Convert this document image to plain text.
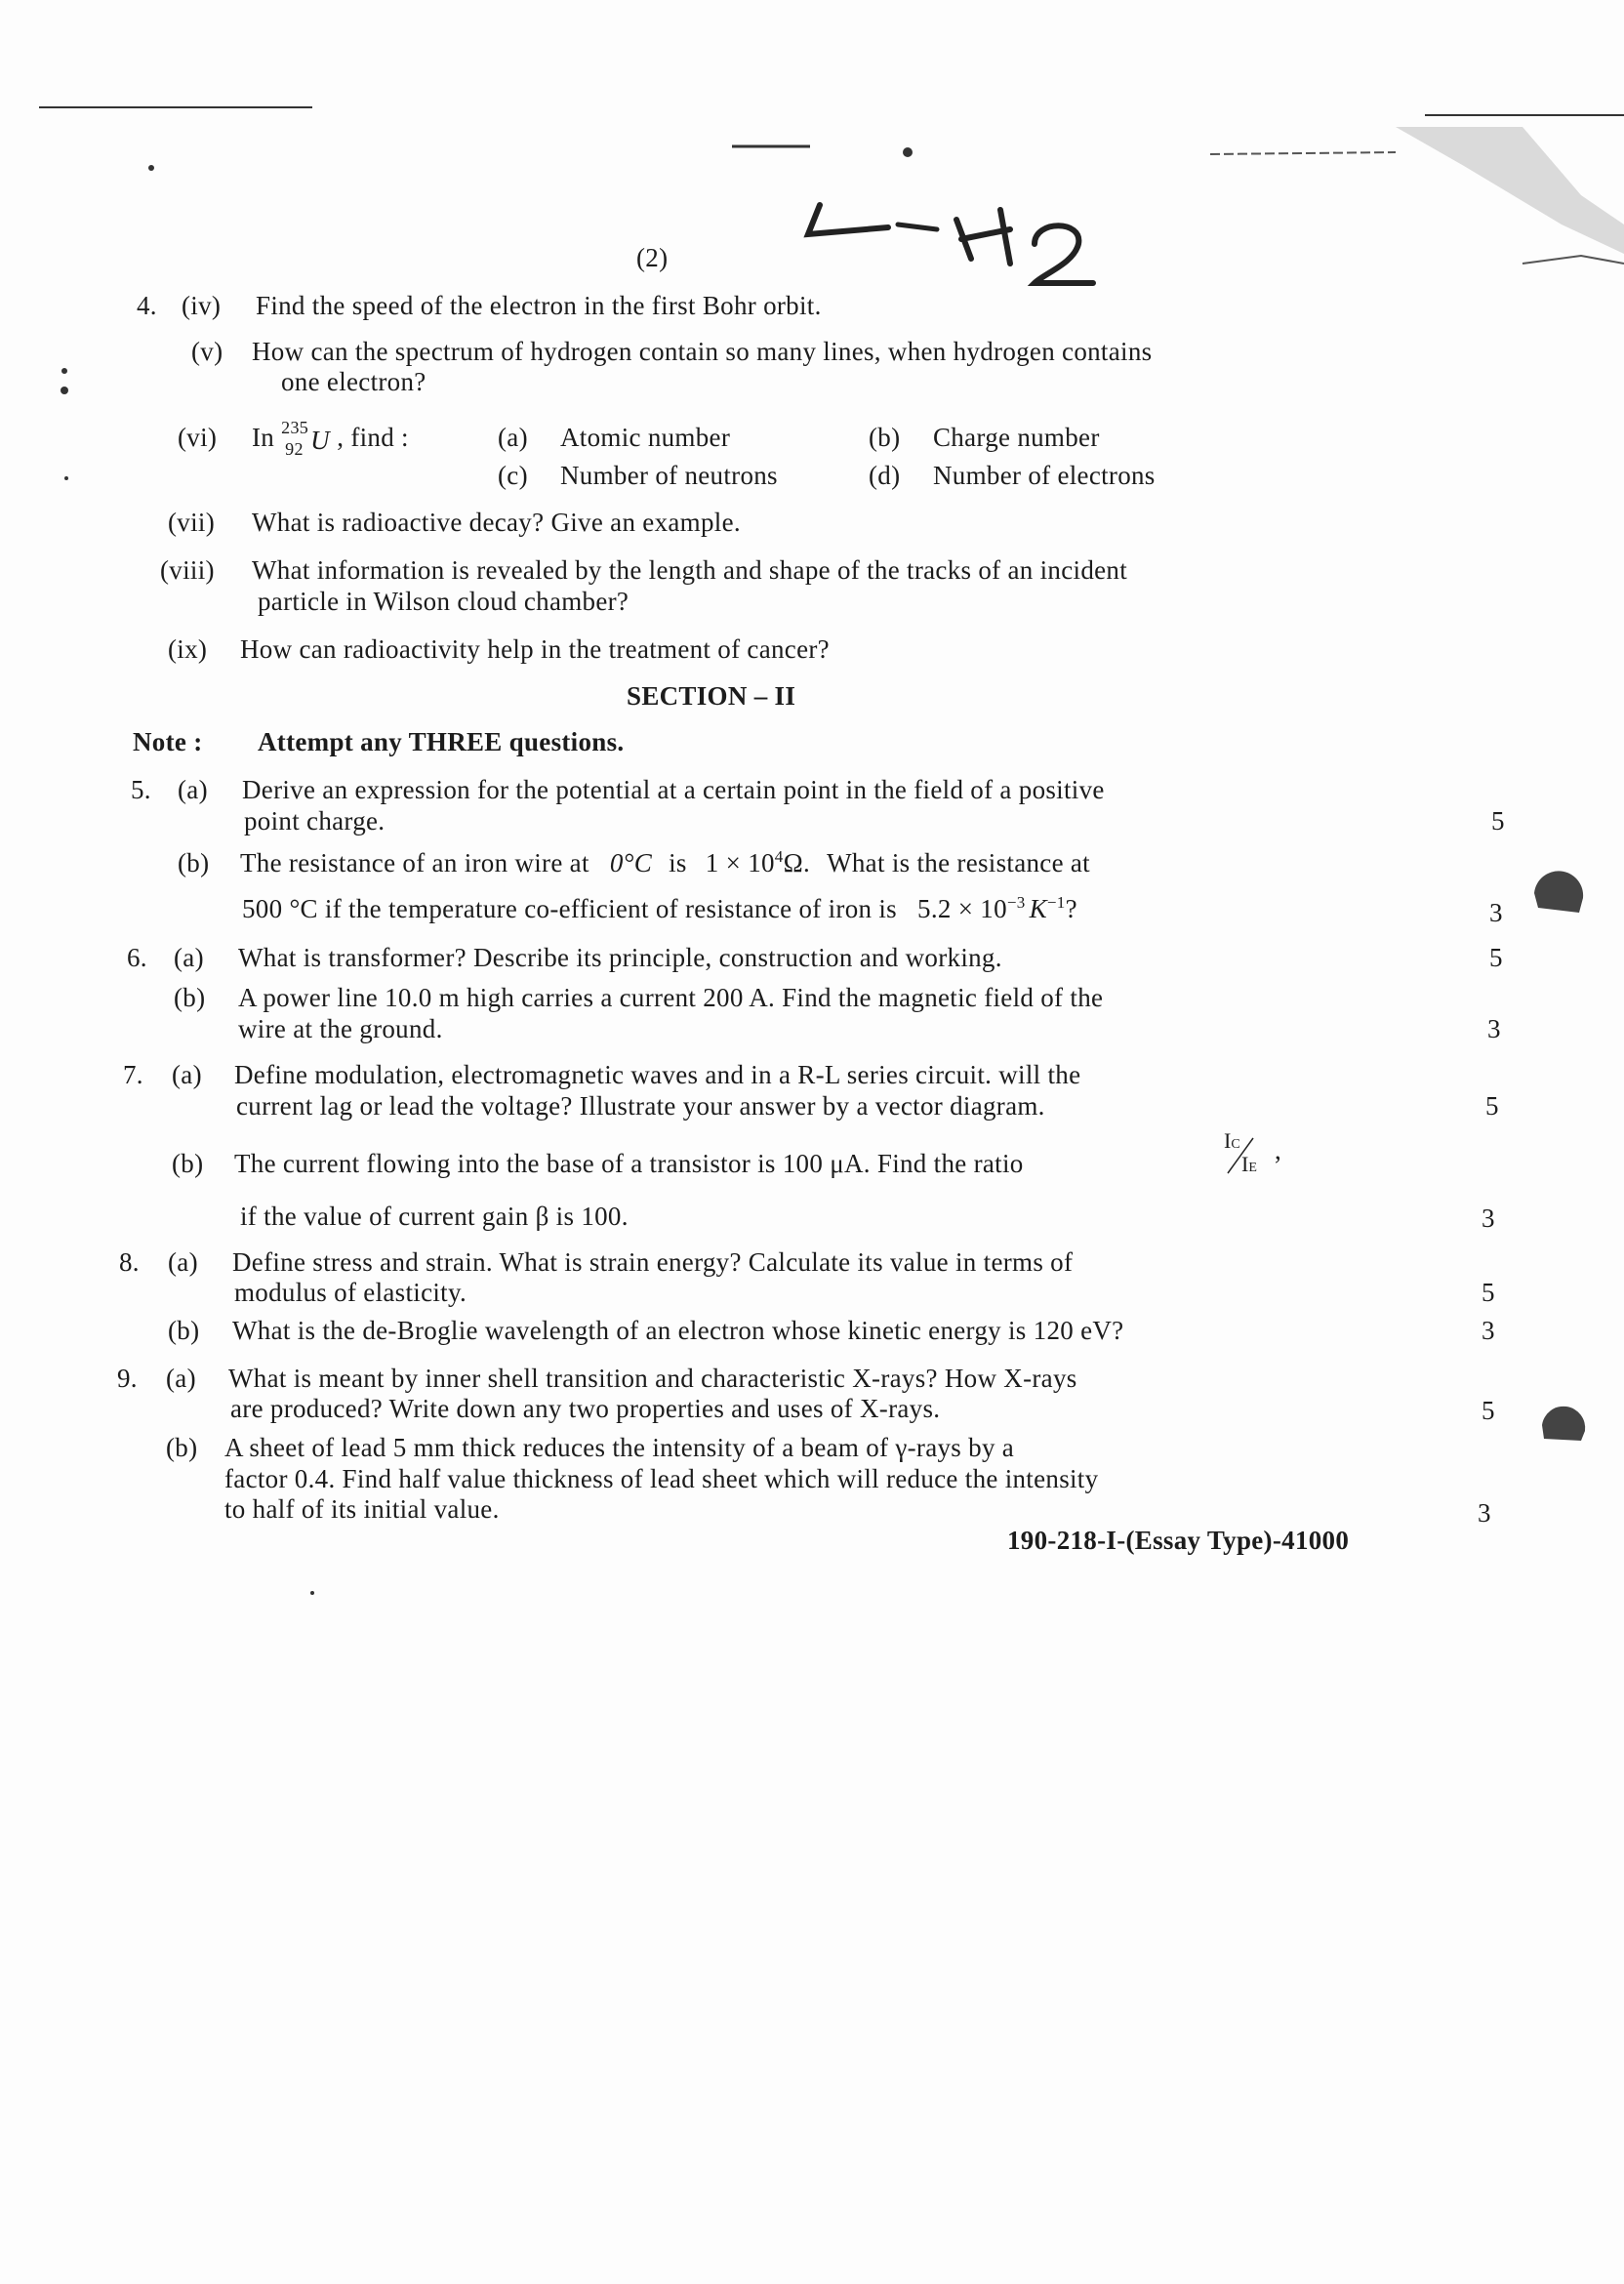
(2)
4. (iv) Find the speed of the electron in the first Bohr orbit.
(v) How can the spectrum of hydrogen contain so many lines, when hydrogen contains
one electron?
(vi) In 235
92 U , find :	(a) Atomic number	(b) Charge number
(c) Number of neutrons	(d) Number of electrons
(vii) What is radioactive decay? Give an example.
(viii) What information is revealed by the length and shape of the tracks of an incident
particle in Wilson cloud chamber?
(ix) How can radioactivity help in the treatment of cancer?
SECTION – II
Note : Attempt any THREE questions.
5. (a) Derive an expression for the potential at a certain point in the field of a positive
point charge.	5
(b) The resistance of an iron wire at 0°C is $1 \times 10^4\Omega$. What is the resistance at
500 °C if the temperature co-efficient of resistance of iron is $5.2 \times 10^{-3}$ $K^{-1}$?	3
6. (a) What is transformer? Describe its principle, construction and working.	5
(b) A power line 10.0 m high carries a current 200 A. Find the magnetic field of the
wire at the ground.	3
7. (a) Define modulation, electromagnetic waves and in a R-L series circuit. will the
current lag or lead the voltage? Illustrate your answer by a vector diagram.	5
(b) The current flowing into the base of a transistor is 100 μA. Find the ratio
IC
IE
,
if the value of current gain β is 100.	3
8. (a) Define stress and strain. What is strain energy? Calculate its value in terms of
modulus of elasticity.	5
(b) What is the de-Broglie wavelength of an electron whose kinetic energy is 120 eV?	3
9. (a) What is meant by inner shell transition and characteristic X-rays? How X-rays
are produced? Write down any two properties and uses of X-rays.	5
(b) A sheet of lead 5 mm thick reduces the intensity of a beam of γ-rays by a
factor 0.4. Find half value thickness of lead sheet which will reduce the intensity
to half of its initial value.	3
190-218-I-(Essay Type)-41000
